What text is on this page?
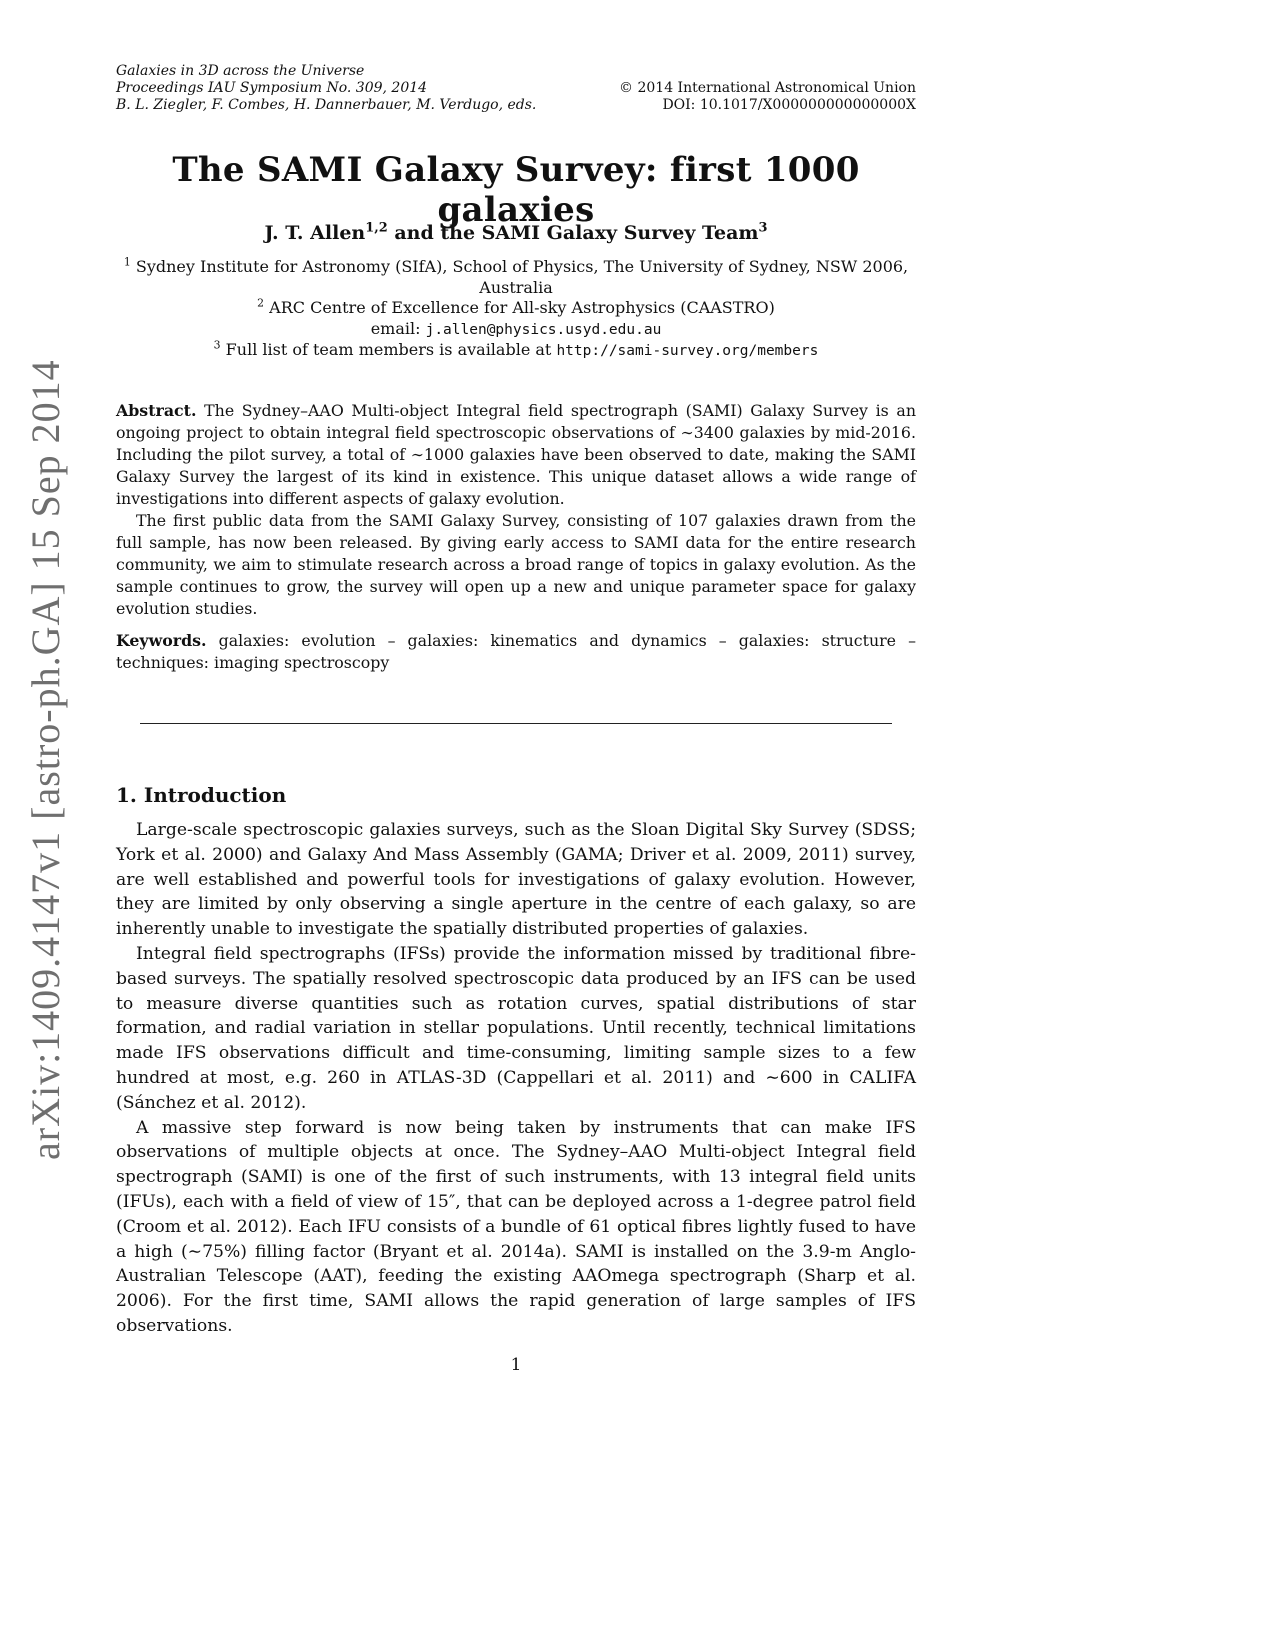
arXiv:1409.4147v1 [astro-ph.GA] 15 Sep 2014
Galaxies in 3D across the Universe
Proceedings IAU Symposium No. 309, 2014	© 2014 International Astronomical Union
B. L. Ziegler, F. Combes, H. Dannerbauer, M. Verdugo, eds.	DOI: 10.1017/X000000000000000X
The SAMI Galaxy Survey: first 1000 galaxies
J. T. Allen$^{1,2}$ and the SAMI Galaxy Survey Team$^3$
$^1$ Sydney Institute for Astronomy (SIfA), School of Physics, The University of Sydney, NSW 2006, Australia
$^2$ ARC Centre of Excellence for All-sky Astrophysics (CAASTRO)
email: j.allen@physics.usyd.edu.au
$^3$ Full list of team members is available at http://sami-survey.org/members

Abstract. The Sydney–AAO Multi-object Integral field spectrograph (SAMI) Galaxy Survey is an ongoing project to obtain integral field spectroscopic observations of ∼3400 galaxies by mid-2016. Including the pilot survey, a total of ∼1000 galaxies have been observed to date, making the SAMI Galaxy Survey the largest of its kind in existence. This unique dataset allows a wide range of investigations into different aspects of galaxy evolution.

The first public data from the SAMI Galaxy Survey, consisting of 107 galaxies drawn from the full sample, has now been released. By giving early access to SAMI data for the entire research community, we aim to stimulate research across a broad range of topics in galaxy evolution. As the sample continues to grow, the survey will open up a new and unique parameter space for galaxy evolution studies.

Keywords. galaxies: evolution – galaxies: kinematics and dynamics – galaxies: structure – techniques: imaging spectroscopy
1. Introduction

Large-scale spectroscopic galaxies surveys, such as the Sloan Digital Sky Survey (SDSS; York et al. 2000) and Galaxy And Mass Assembly (GAMA; Driver et al. 2009, 2011) survey, are well established and powerful tools for investigations of galaxy evolution. However, they are limited by only observing a single aperture in the centre of each galaxy, so are inherently unable to investigate the spatially distributed properties of galaxies.

Integral field spectrographs (IFSs) provide the information missed by traditional fibre-based surveys. The spatially resolved spectroscopic data produced by an IFS can be used to measure diverse quantities such as rotation curves, spatial distributions of star formation, and radial variation in stellar populations. Until recently, technical limitations made IFS observations difficult and time-consuming, limiting sample sizes to a few hundred at most, e.g. 260 in ATLAS-3D (Cappellari et al. 2011) and ∼600 in CALIFA (Sánchez et al. 2012).

A massive step forward is now being taken by instruments that can make IFS observations of multiple objects at once. The Sydney–AAO Multi-object Integral field spectrograph (SAMI) is one of the first of such instruments, with 13 integral field units (IFUs), each with a field of view of 15″, that can be deployed across a 1-degree patrol field (Croom et al. 2012). Each IFU consists of a bundle of 61 optical fibres lightly fused to have a high (∼75%) filling factor (Bryant et al. 2014a). SAMI is installed on the 3.9-m Anglo-Australian Telescope (AAT), feeding the existing AAOmega spectrograph (Sharp et al. 2006). For the first time, SAMI allows the rapid generation of large samples of IFS observations.

1
